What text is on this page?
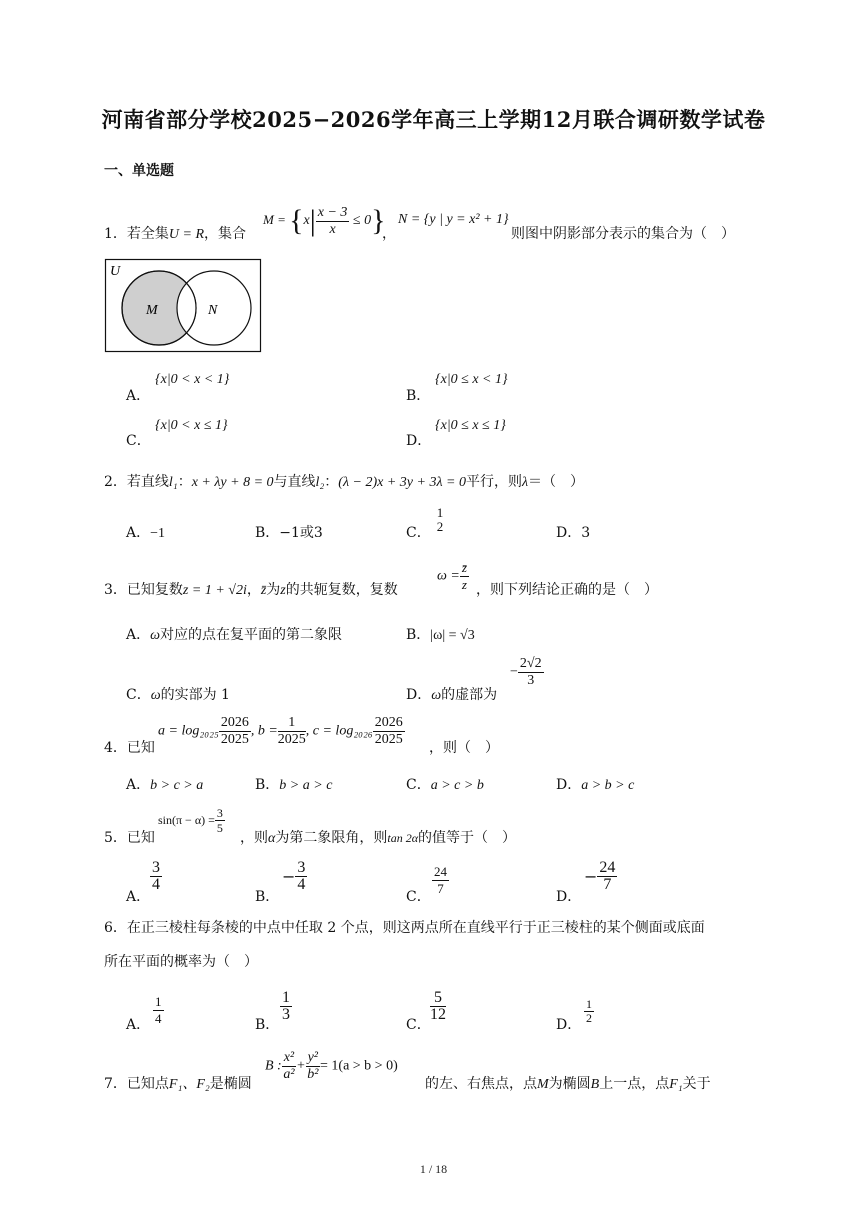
河南省部分学校2025−2026学年高三上学期12月联合调研数学试卷
一、单选题
1．若全集U = R，集合
$M = \{x| \frac{x - 3}{x} \le 0\}$
，
N = {y | y = x² + 1}
则图中阴影部分表示的集合为（　）
U
M	N
A．
{x|0 < x < 1}
B．
{x|0 ≤ x < 1}
C．
{x|0 < x ≤ 1}
D．
{x|0 ≤ x ≤ 1}
2．若直线l₁：x + λy + 8 = 0与直线l₂：(λ − 2)x + 3y + 3λ = 0平行，则λ＝（　）
A．−1	B．−1或3	C．
1
2	D．3
3．已知复数z = 1 + √2i，z̄为z的共轭复数，复数
$\omega = \frac{z̄}{z}$ ，则下列结论正确的是（　）
A．ω对应的点在复平面的第二象限	B．|ω| = √3
C．ω的实部为 1	D．ω的虚部为
− $\frac{2√2}{3}$
4．已知
$a = \log_{2025} \frac{2026}{2025}$ , $b = \frac{1}{2025}$ , $c = \log_{2026} \frac{2026}{2025}$ ，则（　）
A．b > c > a	B．b > a > c	C．a > c > b	D．a > b > c
5．已知
$\sin(\pi - \alpha) = \frac{3}{5}$
，则α为第二象限角，则tan 2α的值等于（　）
A．
$\frac{3}{4}$
B．
− $\frac{3}{4}$
C． $\frac{24}{7}$	D．
− $\frac{24}{7}$
6．在正三棱柱每条棱的中点中任取 2 个点，则这两点所在直线平行于正三棱柱的某个侧面或底面
所在平面的概率为（　）
A． $\frac{1}{4}$	B．
$\frac{1}{3}$
C．
$\frac{5}{12}$
D． $\frac{1}{2}$
7．已知点F₁、F₂是椭圆
B : $\frac{\text{x²}}{\text{a²}} + \frac{\text{y²}}{\text{b²}} = 1(a > b > 0)$
的左、右焦点，点M为椭圆B上一点，点F₁关于
1 / 18
